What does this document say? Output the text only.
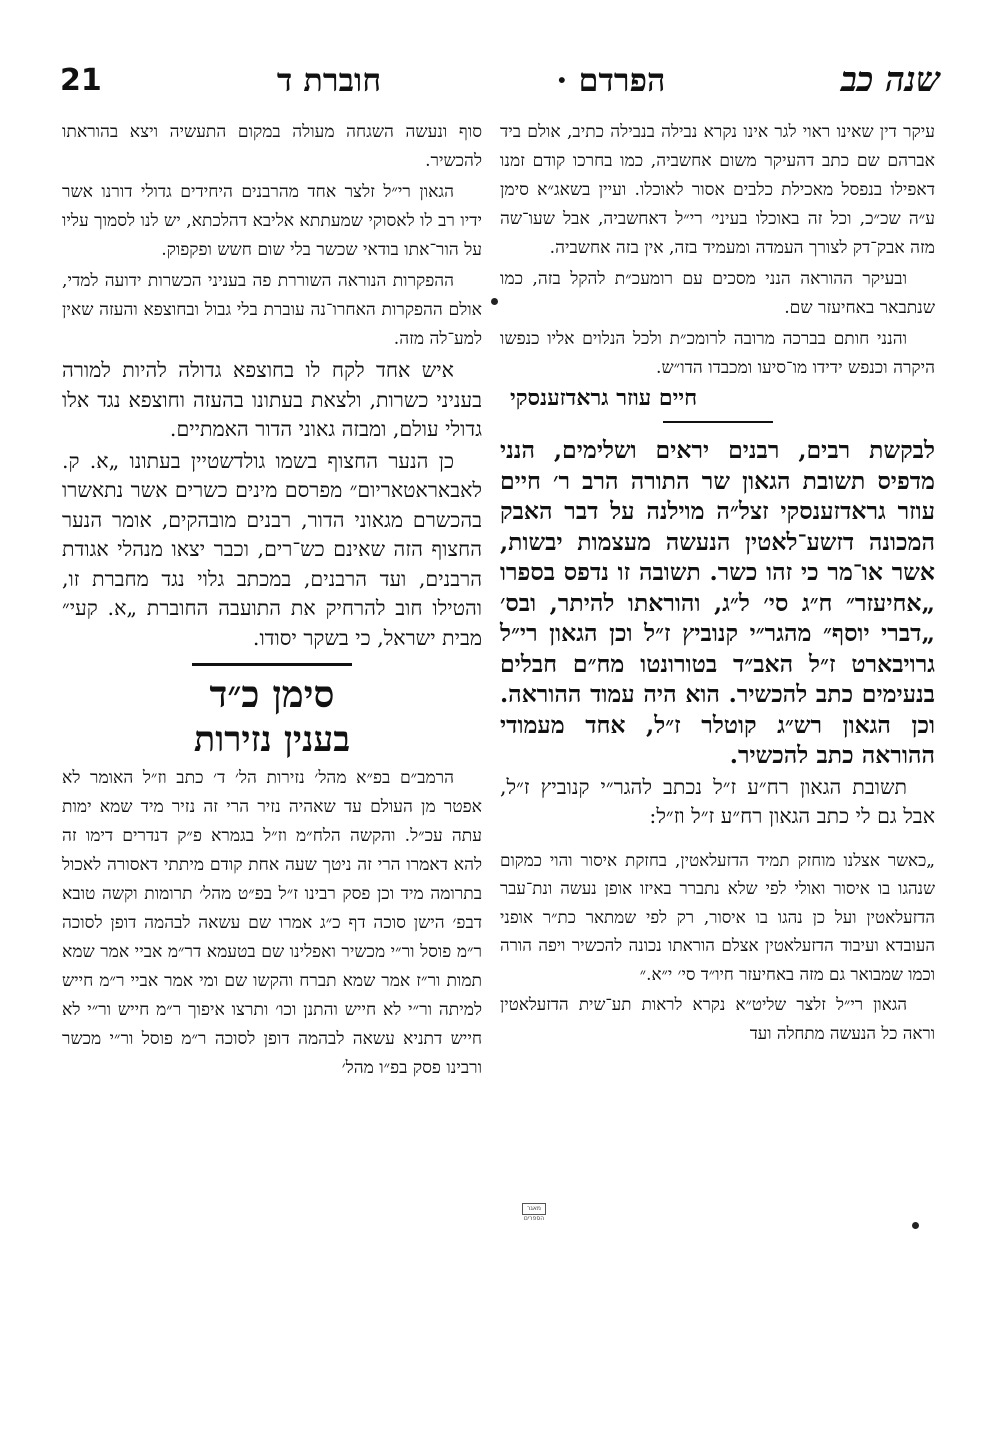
21	חוברת ד	הפרדם ·	שנה כב

עיקר דין שאינו ראוי לגר אינו נקרא נבילה בנבילה כתיב, אולם ביד אברהם שם כתב דהעיקר משום אחשביה, כמו בחרכו קודם זמנו דאפילו בנפסל מאכילת כלבים אסור לאוכלו. ועיין בשאג״א סימן ע״ה שכ״כ, וכל זה באוכלו בעיני׳ רי״ל דאחשביה, אבל שעו־שה מזה אבק־דק לצורך העמדה ומעמיד בזה, אין בזה אחשביה.

ובעיקר ההוראה הנני מסכים עם רומעכ״ת להקל בזה, כמו שנתבאר באחיעזר שם.

והנני חותם בברכה מרובה לרומכ״ת ולכל הנלוים אליו כנפשו היקרה וכנפש ידידו מו־סיעו ומכבדו הדו״ש.

חיים עוזר גראדזענסקי

לבקשת רבים, רבנים יראים ושלימים, הנני מדפיס תשובת הגאון שר התורה הרב ר׳ חיים עוזר גראדזענסקי זצל״ה מוילנה על דבר האבק המכונה דזשע־לאטין הנעשה מעצמות יבשות, אשר או־מר כי זהו כשר. תשובה זו נדפס בספרו „אחיעזר״ ח״ג סי׳ ל״ג, והוראתו להיתר, ובס׳ „דברי יוסף״ מהגר״י קנוביץ ז״ל וכן הגאון רי״ל גרויבארט ז״ל האב״ד בטורונטו מח״ם חבלים בנעימים כתב להכשיר. הוא היה עמוד ההוראה. וכן הגאון רש״ג קוטלר ז״ל, אחד מעמודי ההוראה כתב להכשיר.

תשובת הגאון רח״ע ז״ל נכתב להגר״י קנוביץ ז״ל, אבל גם לי כתב הגאון רח״ע ז״ל וז״ל:

„כאשר אצלנו מוחזק תמיד הדזעלאטין, בחזקת איסור והוי כמקום שנהגו בו איסור ואולי לפי שלא נתברר באיזו אופן נעשה ונת־עבר הדזעלאטין ועל כן נהגו בו איסור, רק לפי שמתאר כת״ר אופני העובדא ועיבוד הדזעלאטין אצלם הוראתו נכונה להכשיר ויפה הורה וכמו שמבואר גם מזה באחיעזר חיו״ד סי׳ י״א.״

הגאון רי״ל זלצר שליט״א נקרא לראות תע־שית הדזעלאטין וראה כל הנעשה מתחלה ועד

סוף ונעשה השגחה מעולה במקום התעשיה ויצא בהוראתו להכשיר.

הגאון רי״ל זלצר אחד מהרבנים היחידים גדולי דורנו אשר ידיו רב לו לאסוקי שמעתתא אליבא דהלכתא, יש לנו לסמוך עליו על הור־אתו בודאי שכשר בלי שום חשש ופקפוק.

ההפקרות הנוראה השוררת פה בעניני הכשרות ידועה למדי, אולם ההפקרות האחרו־נה עוברת בלי גבול ובחוצפא והעזה שאין למע־לה מזה.

איש אחד לקח לו בחוצפא גדולה להיות למורה בעניני כשרות, ולצאת בעתונו בהעזה וחוצפא נגד אלו גדולי עולם, ומבזה גאוני הדור האמתיים.

כן הנער החצוף בשמו גולדשטיין בעתונו „א. ק. לאבאראטאריום״ מפרסם מינים כשרים אשר נתאשרו בהכשרם מגאוני הדור, רבנים מובהקים, אומר הנער החצוף הזה שאינם כש־רים, וכבר יצאו מנהלי אגודת הרבנים, ועד הרבנים, במכתב גלוי נגד מחברת זו, והטילו חוב להרחיק את התועבה החוברת „א. קעי״ מבית ישראל, כי בשקר יסודו.

סימן כ״ד

בענין נזירות

הרמב״ם בפ״א מהל׳ נזירות הל׳ ד׳ כתב וז״ל האומר לא אפטר מן העולם עד שאהיה נזיר הרי זה נזיר מיד שמא ימות עתה עכ״ל. והקשה הלח״מ וז״ל בגמרא פ״ק דנדרים דימו זה להא דאמרו הרי זה ניטך שעה אחת קודם מיתתי דאסורה לאכול בתרומה מיד וכן פסק רבינו ז״ל בפ״ט מהל׳ תרומות וקשה טובא דבפ׳ הישן סוכה דף כ״ג אמרו שם עשאה לבהמה דופן לסוכה ר״מ פוסל ור״י מכשיר ואפלינו שם בטעמא דר״מ אביי אמר שמא תמות ור״ז אמר שמא תברח והקשו שם ומי אמר אביי ר״מ חייש למיתה ור״י לא חייש והתנן וכו׳ ותרצו איפוך ר״מ חייש ור״י לא חייש דתניא עשאה לבהמה דופן לסוכה ר״מ פוסל ור״י מכשר ורבינו פסק בפ״ו מהל׳

מאגר הספרים
